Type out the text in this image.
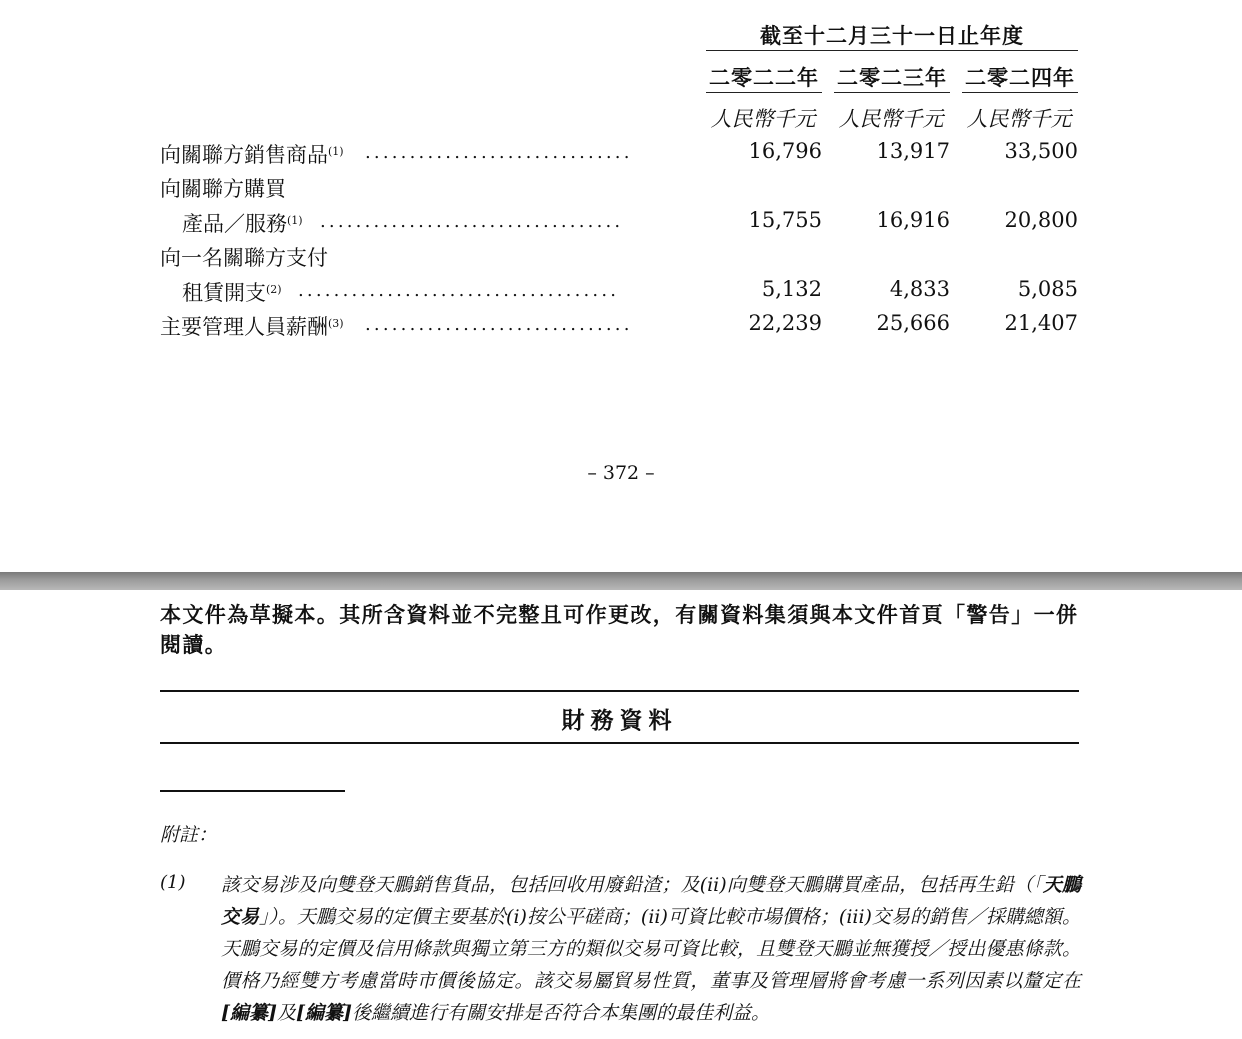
截至十二月三十一日止年度
二零二二年 二零二三年 二零二四年
人民幣千元	人民幣千元	人民幣千元
向關聯方銷售商品$^{(1)}$ ..............................	16,796	13,917	33,500
向關聯方購買
產品／服務$^{(1)}$ ..................................	15,755	16,916	20,800
向一名關聯方支付
租賃開支$^{(2)}$ ....................................	5,132	4,833	5,085
主要管理人員薪酬$^{(3)}$ ..............................	22,239	25,666	21,407
– 372 –
本文件為草擬本。其所含資料並不完整且可作更改，有關資料集須與本文件首頁「警告」一併閱讀。
財務資料
附註：
(1) 該交易涉及向雙登天鵬銷售貨品，包括回收用廢鉛渣；及(ii)向雙登天鵬購買產品，包括再生鉛（「天鵬交易」）。天鵬交易的定價主要基於(i)按公平磋商；(ii)可資比較市場價格；(iii)交易的銷售／採購總額。天鵬交易的定價及信用條款與獨立第三方的類似交易可資比較，且雙登天鵬並無獲授／授出優惠條款。價格乃經雙方考慮當時市價後協定。該交易屬貿易性質，董事及管理層將會考慮一系列因素以釐定在[編纂]及[編纂]後繼續進行有關安排是否符合本集團的最佳利益。
